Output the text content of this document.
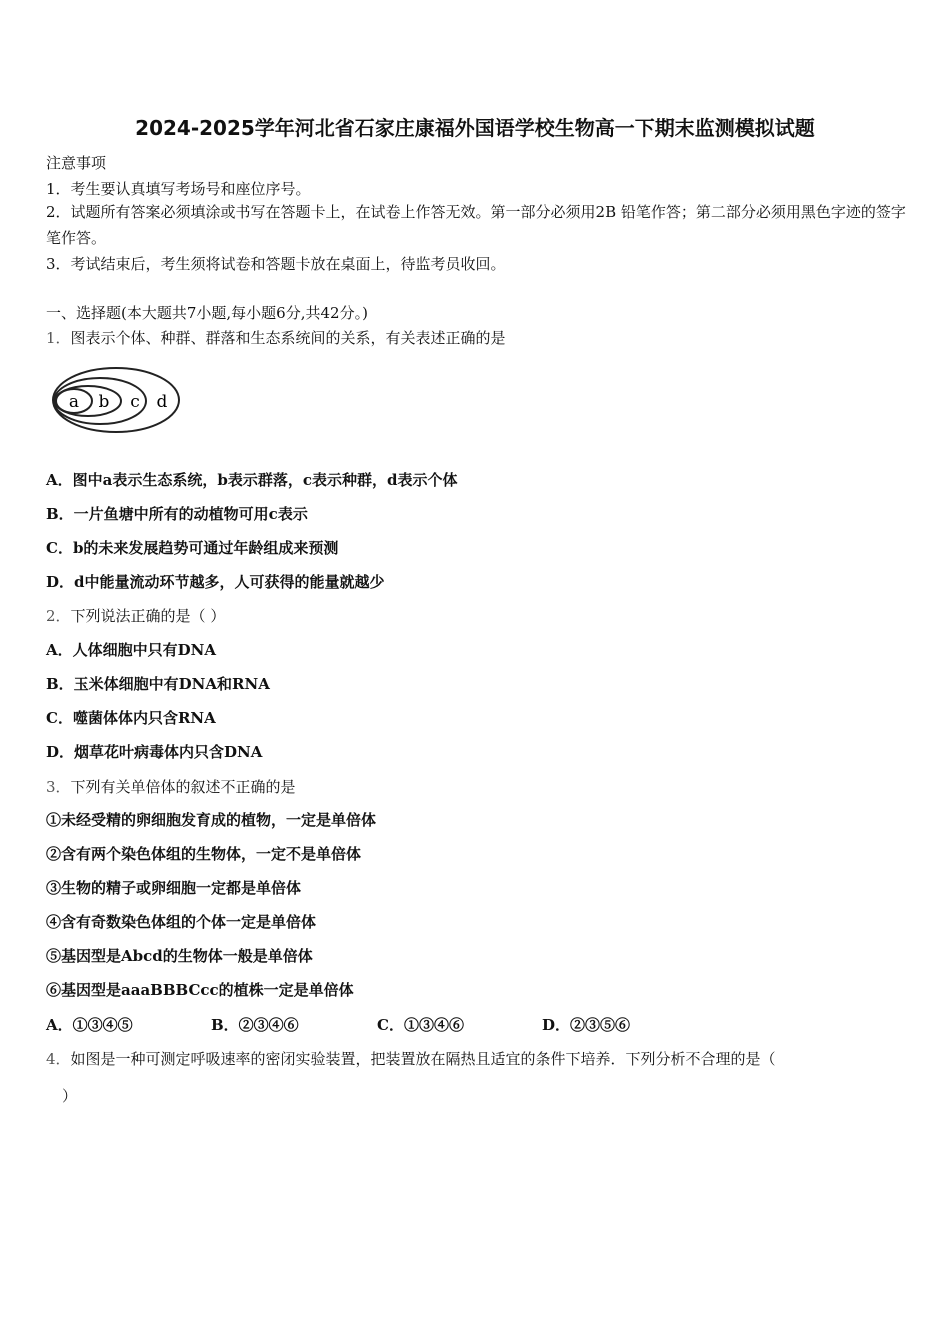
2024-2025学年河北省石家庄康福外国语学校生物高一下期末监测模拟试题
注意事项
1．考生要认真填写考场号和座位序号。
2．试题所有答案必须填涂或书写在答题卡上，在试卷上作答无效。第一部分必须用2B 铅笔作答；第二部分必须用黑色字迹的签字笔作答。
3．考试结束后，考生须将试卷和答题卡放在桌面上，待监考员收回。
一、选择题(本大题共7小题,每小题6分,共42分。)
1．图表示个体、种群、群落和生态系统间的关系，有关表述正确的是
a b c d
A．图中a表示生态系统，b表示群落，c表示种群，d表示个体
B．一片鱼塘中所有的动植物可用c表示
C．b的未来发展趋势可通过年龄组成来预测
D．d中能量流动环节越多，人可获得的能量就越少
2．下列说法正确的是（ ）
A．人体细胞中只有DNA
B．玉米体细胞中有DNA和RNA
C．噬菌体体内只含RNA
D．烟草花叶病毒体内只含DNA
3．下列有关单倍体的叙述不正确的是
①未经受精的卵细胞发育成的植物，一定是单倍体
②含有两个染色体组的生物体，一定不是单倍体
③生物的精子或卵细胞一定都是单倍体
④含有奇数染色体组的个体一定是单倍体
⑤基因型是Abcd的生物体一般是单倍体
⑥基因型是aaaBBBCcc的植株一定是单倍体
A．①③④⑤	B．②③④⑥	C．①③④⑥	D．②③⑤⑥
4．如图是一种可测定呼吸速率的密闭实验装置，把装置放在隔热且适宜的条件下培养．下列分析不合理的是（
）
